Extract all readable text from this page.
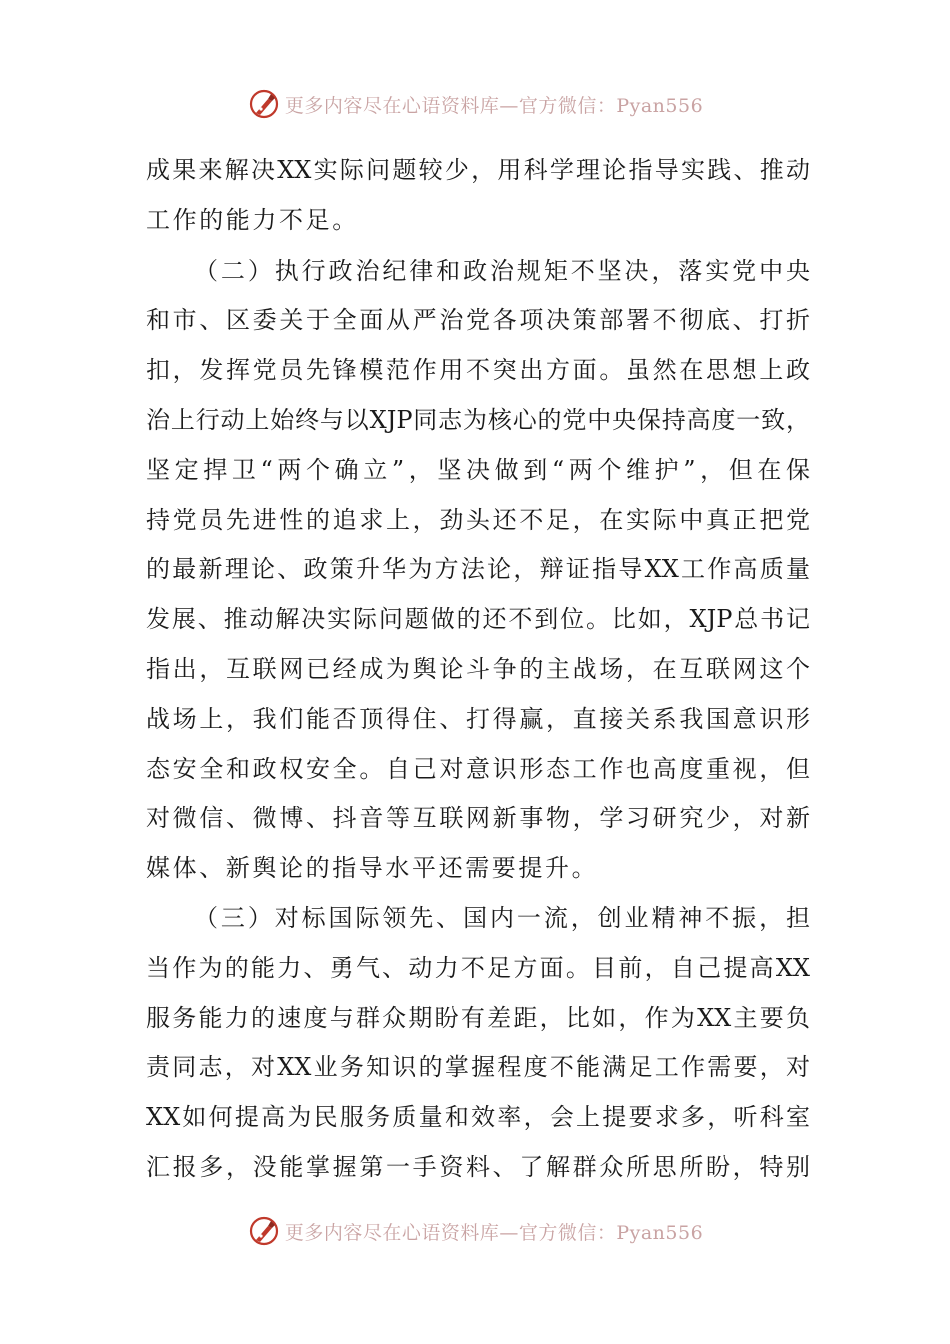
更多内容尽在心语资料库—官方微信：Pyan556
成果来解决XX实际问题较少，用科学理论指导实践、推动
工作的能力不足。
（二）执行政治纪律和政治规矩不坚决，落实党中央
和市、区委关于全面从严治党各项决策部署不彻底、打折
扣，发挥党员先锋模范作用不突出方面。虽然在思想上政
治上行动上始终与以XJP同志为核心的党中央保持高度一致，
坚定捍卫“两个确立”，坚决做到“两个维护”，但在保
持党员先进性的追求上，劲头还不足，在实际中真正把党
的最新理论、政策升华为方法论，辩证指导XX工作高质量
发展、推动解决实际问题做的还不到位。比如，XJP总书记
指出，互联网已经成为舆论斗争的主战场，在互联网这个
战场上，我们能否顶得住、打得赢，直接关系我国意识形
态安全和政权安全。自己对意识形态工作也高度重视，但
对微信、微博、抖音等互联网新事物，学习研究少，对新
媒体、新舆论的指导水平还需要提升。
（三）对标国际领先、国内一流，创业精神不振，担
当作为的能力、勇气、动力不足方面。目前，自己提高XX
服务能力的速度与群众期盼有差距，比如，作为XX主要负
责同志，对XX业务知识的掌握程度不能满足工作需要，对
XX如何提高为民服务质量和效率，会上提要求多，听科室
汇报多，没能掌握第一手资料、了解群众所思所盼，特别
更多内容尽在心语资料库—官方微信：Pyan556
